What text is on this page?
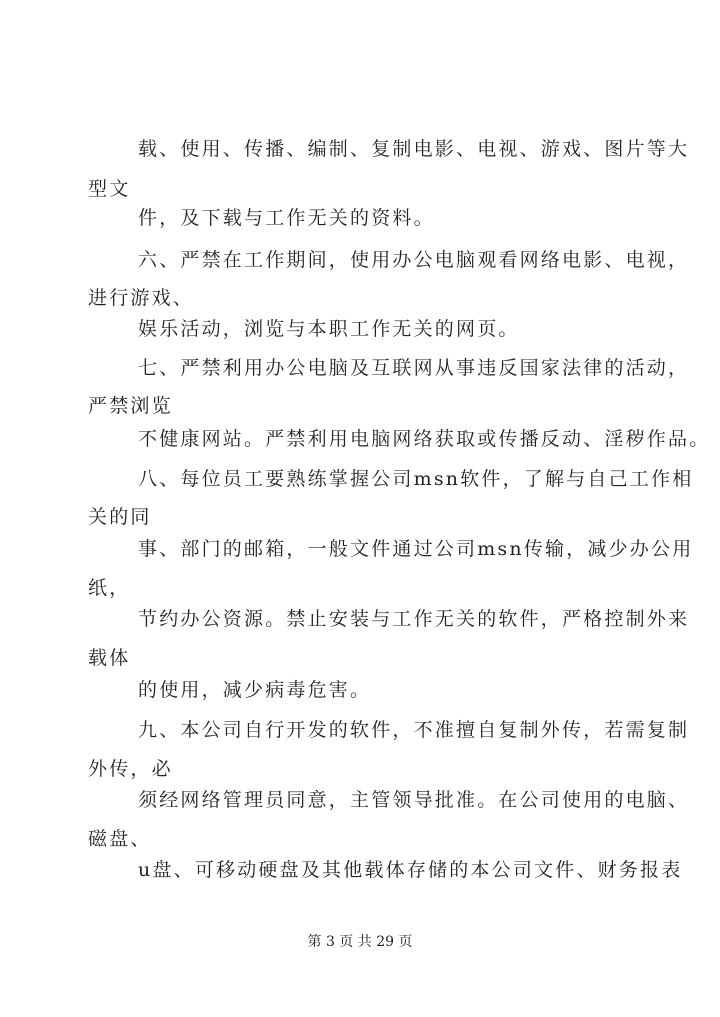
载、使用、传播、编制、复制电影、电视、游戏、图片等大
型文
件，及下载与工作无关的资料。
六、严禁在工作期间，使用办公电脑观看网络电影、电视，
进行游戏、
娱乐活动，浏览与本职工作无关的网页。
七、严禁利用办公电脑及互联网从事违反国家法律的活动，
严禁浏览
不健康网站。严禁利用电脑网络获取或传播反动、淫秽作品。
八、每位员工要熟练掌握公司msn软件，了解与自己工作相
关的同
事、部门的邮箱，一般文件通过公司msn传输，减少办公用
纸，
节约办公资源。禁止安装与工作无关的软件，严格控制外来
载体
的使用，减少病毒危害。
九、本公司自行开发的软件，不准擅自复制外传，若需复制
外传，必
须经网络管理员同意，主管领导批准。在公司使用的电脑、
磁盘、
u盘、可移动硬盘及其他载体存储的本公司文件、财务报表
第 3 页 共 29 页
